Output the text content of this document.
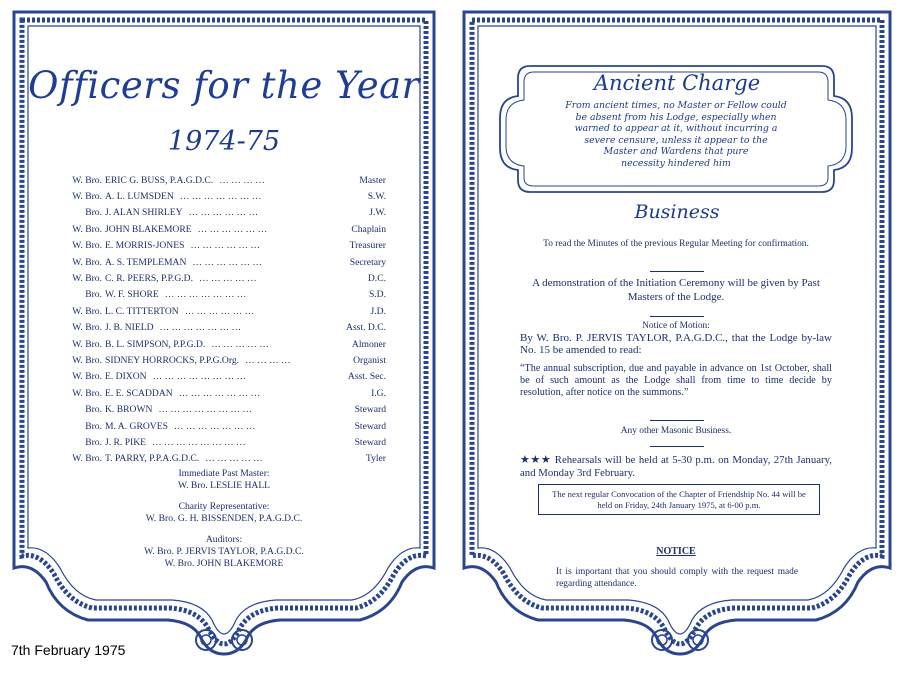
Officers for the Year
1974-75
W. Bro. ERIC G. BUSS, P.A.G.D.C. … … … …	Master
W. Bro. A. L. LUMSDEN … … … … … … …	S.W.
Bro. J. ALAN SHIRLEY … … … … … …	J.W.
W. Bro. JOHN BLAKEMORE … … … … … …	Chaplain
W. Bro. E. MORRIS-JONES … … … … … …	Treasurer
W. Bro. A. S. TEMPLEMAN … … … … … …	Secretary
W. Bro. C. R. PEERS, P.P.G.D. … … … … …	D.C.
Bro. W. F. SHORE … … … … … … …	S.D.
W. Bro. L. C. TITTERTON … … … … … …	J.D.
W. Bro. J. B. NIELD … … … … … … …	Asst. D.C.
W. Bro. B. L. SIMPSON, P.P.G.D. … … … … …	Almoner
W. Bro. SIDNEY HORROCKS, P.P.G.Org. … … … …	Organist
W. Bro. E. DIXON … … … … … … … …	Asst. Sec.
W. Bro. E. E. SCADDAN … … … … … … …	I.G.
Bro. K. BROWN … … … … … … … …	Steward
Bro. M. A. GROVES … … … … … … …	Steward
Bro. J. R. PIKE … … … … … … … …	Steward
W. Bro. T. PARRY, P.P.A.G.D.C. … … … … …	Tyler
Immediate Past Master:
W. Bro. LESLIE HALL
Charity Representative:
W. Bro. G. H. BISSENDEN, P.A.G.D.C.
Auditors:
W. Bro. P. JERVIS TAYLOR, P.A.G.D.C.
W. Bro. JOHN BLAKEMORE
Ancient Charge
From ancient times, no Master or Fellow could
be absent from his Lodge, especially when
warned to appear at it, without incurring a
severe censure, unless it appear to the
Master and Wardens that pure
necessity hindered him
Business
To read the Minutes of the previous Regular Meeting for confirmation.
A demonstration of the Initiation Ceremony will be given by Past Masters of the Lodge.
Notice of Motion:
By W. Bro. P. JERVIS TAYLOR, P.A.G.D.C., that the Lodge by-law No. 15 be amended to read:
“The annual subscription, due and payable in advance on 1st October, shall be of such amount as the Lodge shall from time to time decide by resolution, after notice on the summons.”
Any other Masonic Business.
★★★ Rehearsals will be held at 5-30 p.m. on Monday, 27th January, and Monday 3rd February.
The next regular Convocation of the Chapter of Friendship No. 44 will be held on Friday, 24th January 1975, at 6-00 p.m.
NOTICE
It is important that you should comply with the request made regarding attendance.
7th February 1975
